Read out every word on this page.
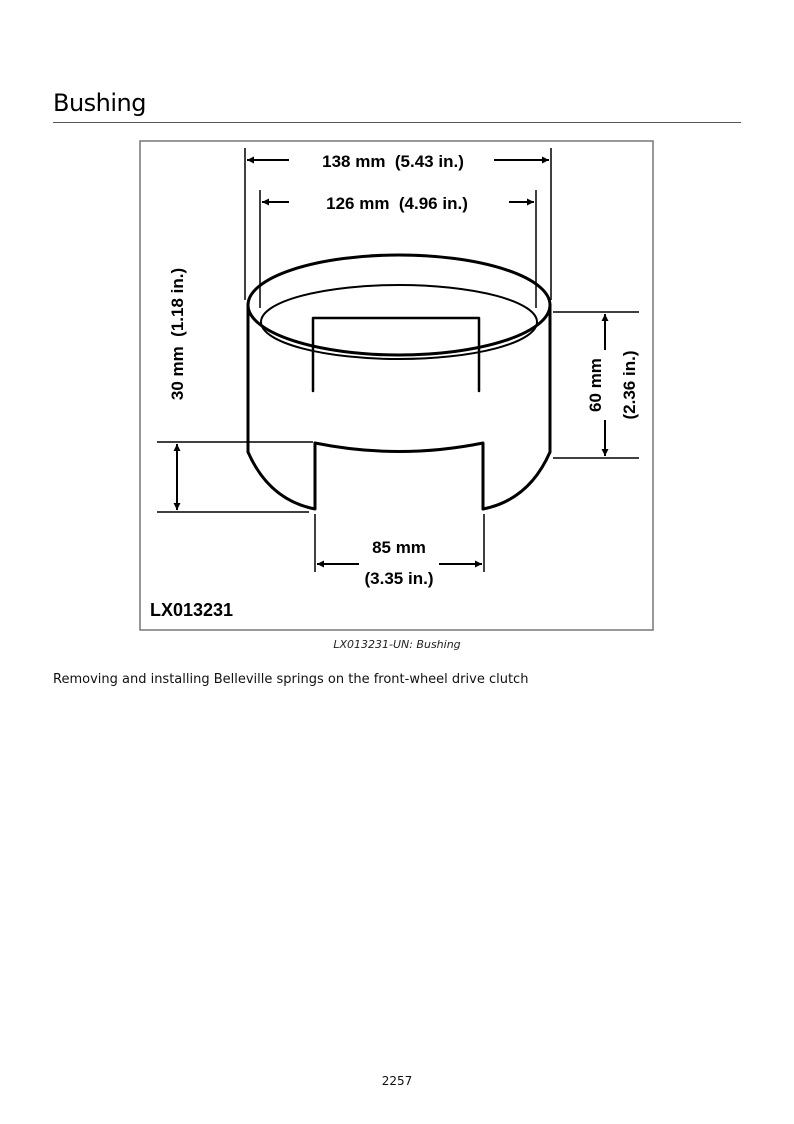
Bushing
138 mm  (5.43 in.)
126 mm  (4.96 in.)
30 mm  (1.18 in.)	60 mm (2.36 in.)
85 mm
(3.35 in.)
LX013231
LX013231-UN: Bushing
Removing and installing Belleville springs on the front-wheel drive clutch
2257
